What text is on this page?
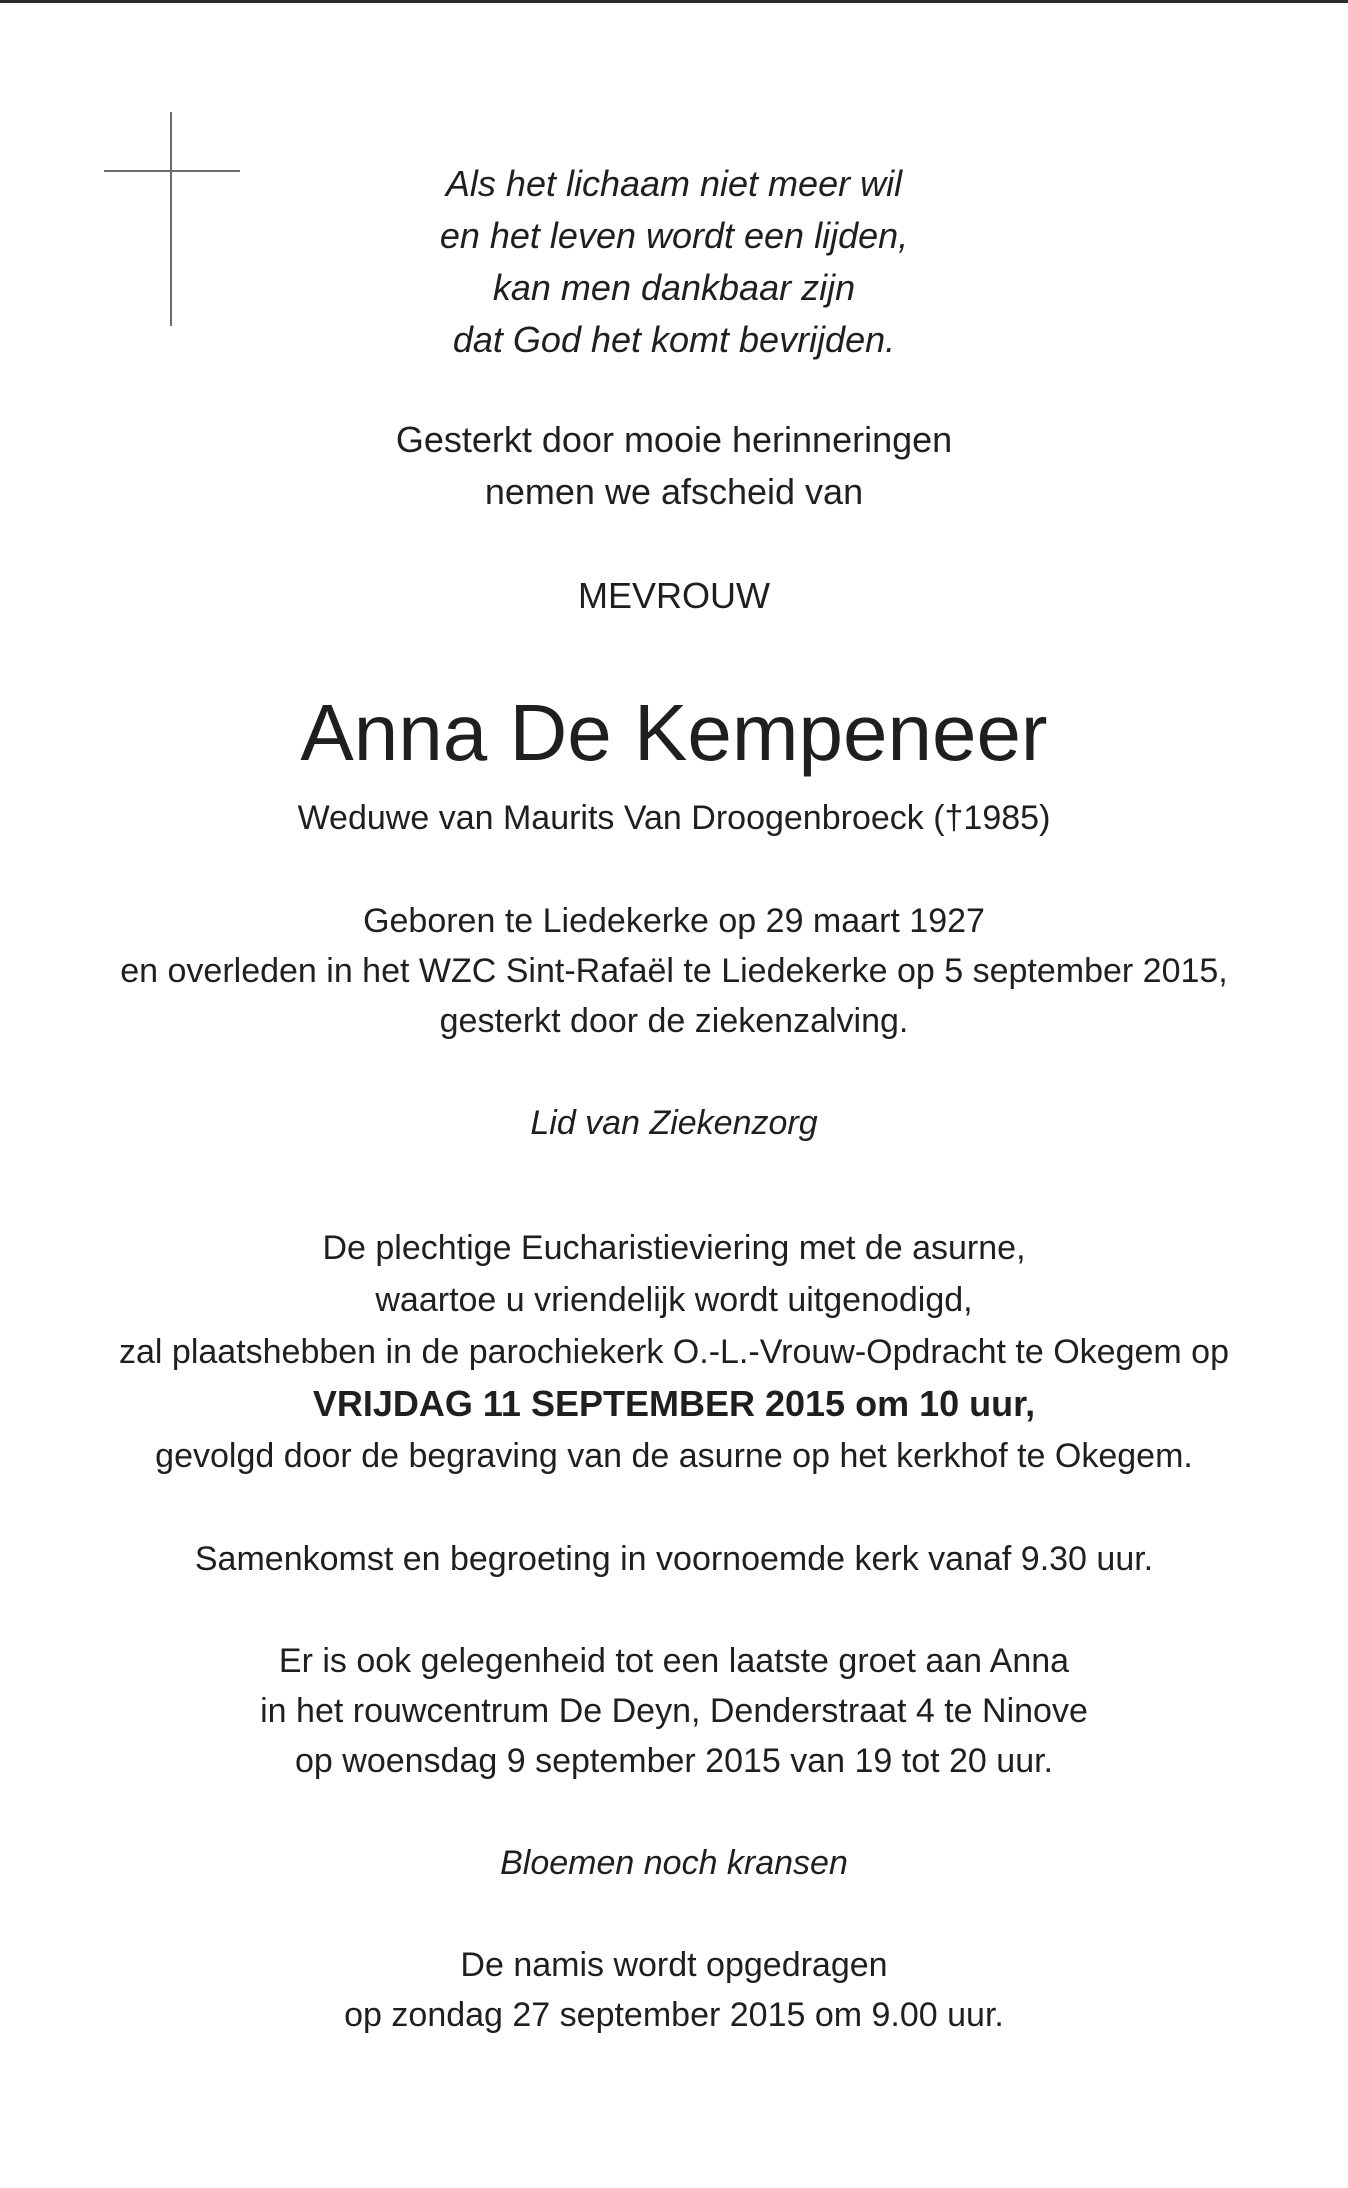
Als het lichaam niet meer wil
en het leven wordt een lijden,
kan men dankbaar zijn
dat God het komt bevrijden.
Gesterkt door mooie herinneringen
nemen we afscheid van
MEVROUW
Anna De Kempeneer
Weduwe van Maurits Van Droogenbroeck (†1985)
Geboren te Liedekerke op 29 maart 1927
en overleden in het WZC Sint-Rafaël te Liedekerke op 5 september 2015,
gesterkt door de ziekenzalving.
Lid van Ziekenzorg
De plechtige Eucharistieviering met de asurne,
waartoe u vriendelijk wordt uitgenodigd,
zal plaatshebben in de parochiekerk O.-L.-Vrouw-Opdracht te Okegem op
VRIJDAG 11 SEPTEMBER 2015 om 10 uur,
gevolgd door de begraving van de asurne op het kerkhof te Okegem.
Samenkomst en begroeting in voornoemde kerk vanaf 9.30 uur.
Er is ook gelegenheid tot een laatste groet aan Anna
in het rouwcentrum De Deyn, Denderstraat 4 te Ninove
op woensdag 9 september 2015 van 19 tot 20 uur.
Bloemen noch kransen
De namis wordt opgedragen
op zondag 27 september 2015 om 9.00 uur.
